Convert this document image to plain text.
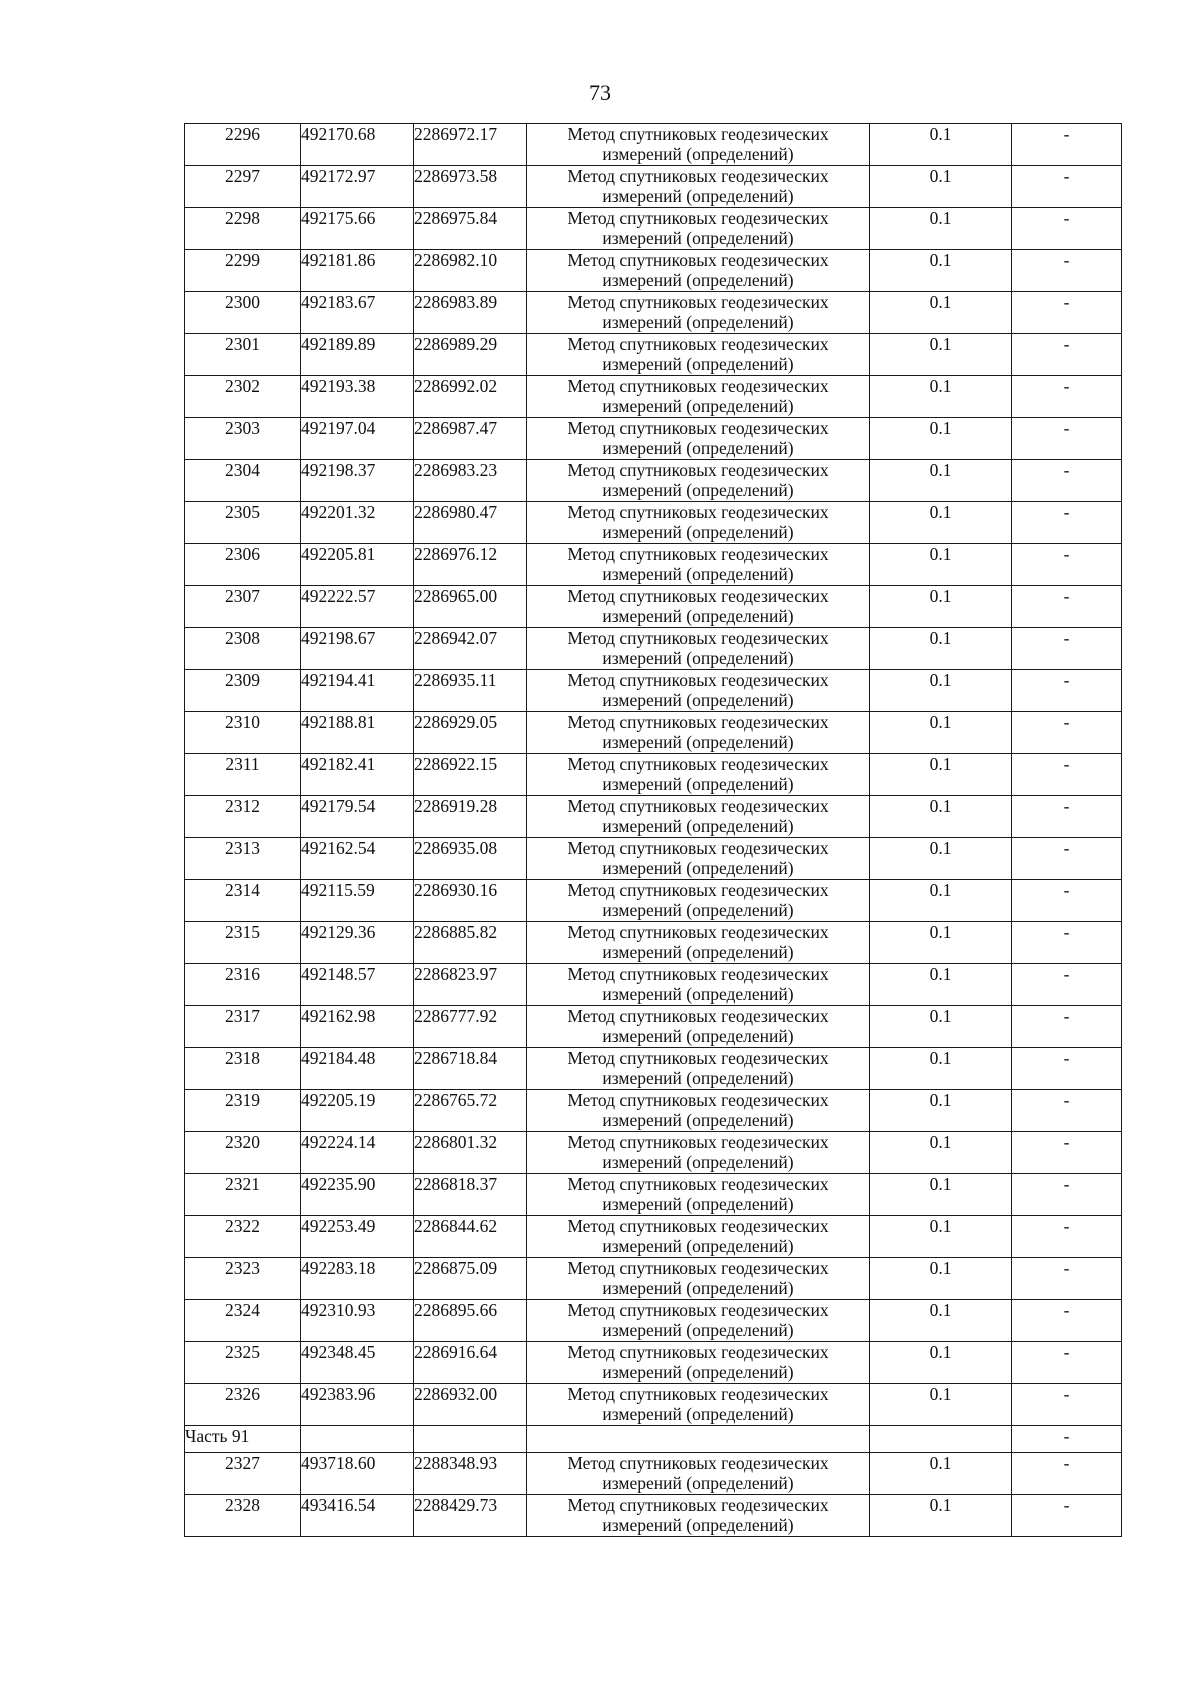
73
2296	492170.68	2286972.17	Метод спутниковых геодезических
измерений (определений)	0.1	-
2297	492172.97	2286973.58	Метод спутниковых геодезических
измерений (определений)	0.1	-
2298	492175.66	2286975.84	Метод спутниковых геодезических
измерений (определений)	0.1	-
2299	492181.86	2286982.10	Метод спутниковых геодезических
измерений (определений)	0.1	-
2300	492183.67	2286983.89	Метод спутниковых геодезических
измерений (определений)	0.1	-
2301	492189.89	2286989.29	Метод спутниковых геодезических
измерений (определений)	0.1	-
2302	492193.38	2286992.02	Метод спутниковых геодезических
измерений (определений)	0.1	-
2303	492197.04	2286987.47	Метод спутниковых геодезических
измерений (определений)	0.1	-
2304	492198.37	2286983.23	Метод спутниковых геодезических
измерений (определений)	0.1	-
2305	492201.32	2286980.47	Метод спутниковых геодезических
измерений (определений)	0.1	-
2306	492205.81	2286976.12	Метод спутниковых геодезических
измерений (определений)	0.1	-
2307	492222.57	2286965.00	Метод спутниковых геодезических
измерений (определений)	0.1	-
2308	492198.67	2286942.07	Метод спутниковых геодезических
измерений (определений)	0.1	-
2309	492194.41	2286935.11	Метод спутниковых геодезических
измерений (определений)	0.1	-
2310	492188.81	2286929.05	Метод спутниковых геодезических
измерений (определений)	0.1	-
2311	492182.41	2286922.15	Метод спутниковых геодезических
измерений (определений)	0.1	-
2312	492179.54	2286919.28	Метод спутниковых геодезических
измерений (определений)	0.1	-
2313	492162.54	2286935.08	Метод спутниковых геодезических
измерений (определений)	0.1	-
2314	492115.59	2286930.16	Метод спутниковых геодезических
измерений (определений)	0.1	-
2315	492129.36	2286885.82	Метод спутниковых геодезических
измерений (определений)	0.1	-
2316	492148.57	2286823.97	Метод спутниковых геодезических
измерений (определений)	0.1	-
2317	492162.98	2286777.92	Метод спутниковых геодезических
измерений (определений)	0.1	-
2318	492184.48	2286718.84	Метод спутниковых геодезических
измерений (определений)	0.1	-
2319	492205.19	2286765.72	Метод спутниковых геодезических
измерений (определений)	0.1	-
2320	492224.14	2286801.32	Метод спутниковых геодезических
измерений (определений)	0.1	-
2321	492235.90	2286818.37	Метод спутниковых геодезических
измерений (определений)	0.1	-
2322	492253.49	2286844.62	Метод спутниковых геодезических
измерений (определений)	0.1	-
2323	492283.18	2286875.09	Метод спутниковых геодезических
измерений (определений)	0.1	-
2324	492310.93	2286895.66	Метод спутниковых геодезических
измерений (определений)	0.1	-
2325	492348.45	2286916.64	Метод спутниковых геодезических
измерений (определений)	0.1	-
2326	492383.96	2286932.00	Метод спутниковых геодезических
измерений (определений)	0.1	-
Часть 91					-
2327	493718.60	2288348.93	Метод спутниковых геодезических
измерений (определений)	0.1	-
2328	493416.54	2288429.73	Метод спутниковых геодезических
измерений (определений)	0.1	-
